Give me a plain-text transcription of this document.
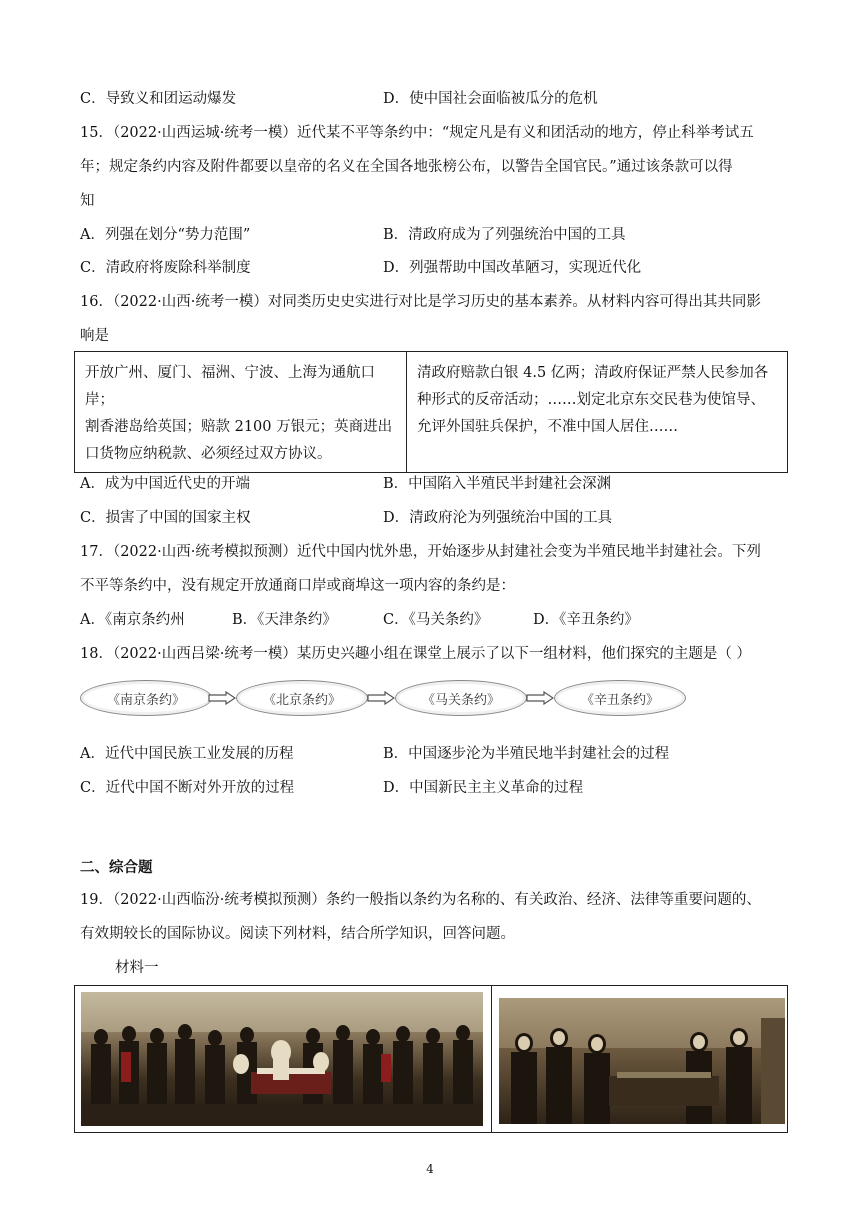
C．导致义和团运动爆发	D．使中国社会面临被瓜分的危机
15．（2022·山西运城·统考一模）近代某不平等条约中：“规定凡是有义和团活动的地方，停止科举考试五
年；规定条约内容及附件都要以皇帝的名义在全国各地张榜公布，以警告全国官民。”通过该条款可以得
知
A．列强在划分“势力范围”	B．清政府成为了列强统治中国的工具
C．清政府将废除科举制度	D．列强帮助中国改革陋习，实现近代化
16．（2022·山西·统考一模）对同类历史史实进行对比是学习历史的基本素养。从材料内容可得出其共同影
响是
开放广州、厦门、福洲、宁波、上海为通航口岸；
割香港岛给英国；赔款 2100 万银元；英商进出
口货物应纳税款、必须经过双方协议。

清政府赔款白银 4.5 亿两；清政府保证严禁人民参加各
种形式的反帝活动；……划定北京东交民巷为使馆导、
允评外国驻兵保护，不准中国人居住……
A．成为中国近代史的开端	B．中国陷入半殖民半封建社会深渊
C．损害了中国的国家主权	D．清政府沦为列强统治中国的工具
17．（2022·山西·统考模拟预测）近代中国内忧外患，开始逐步从封建社会变为半殖民地半封建社会。下列
不平等条约中，没有规定开放通商口岸或商埠这一项内容的条约是：
A．《南京条约州	B．《天津条约》	C．《马关条约》	D．《辛丑条约》
18．（2022·山西吕梁·统考一模）某历史兴趣小组在课堂上展示了以下一组材料，他们探究的主题是（ ）
《南京条约》	《北京条约》	《马关条约》	《辛丑条约》
A．近代中国民族工业发展的历程	B．中国逐步沦为半殖民地半封建社会的过程
C．近代中国不断对外开放的过程	D．中国新民主主义革命的过程
二、综合题
19．（2022·山西临汾·统考模拟预测）条约一般指以条约为名称的、有关政治、经济、法律等重要问题的、
有效期较长的国际协议。阅读下列材料，结合所学知识，回答问题。
材料一
4
